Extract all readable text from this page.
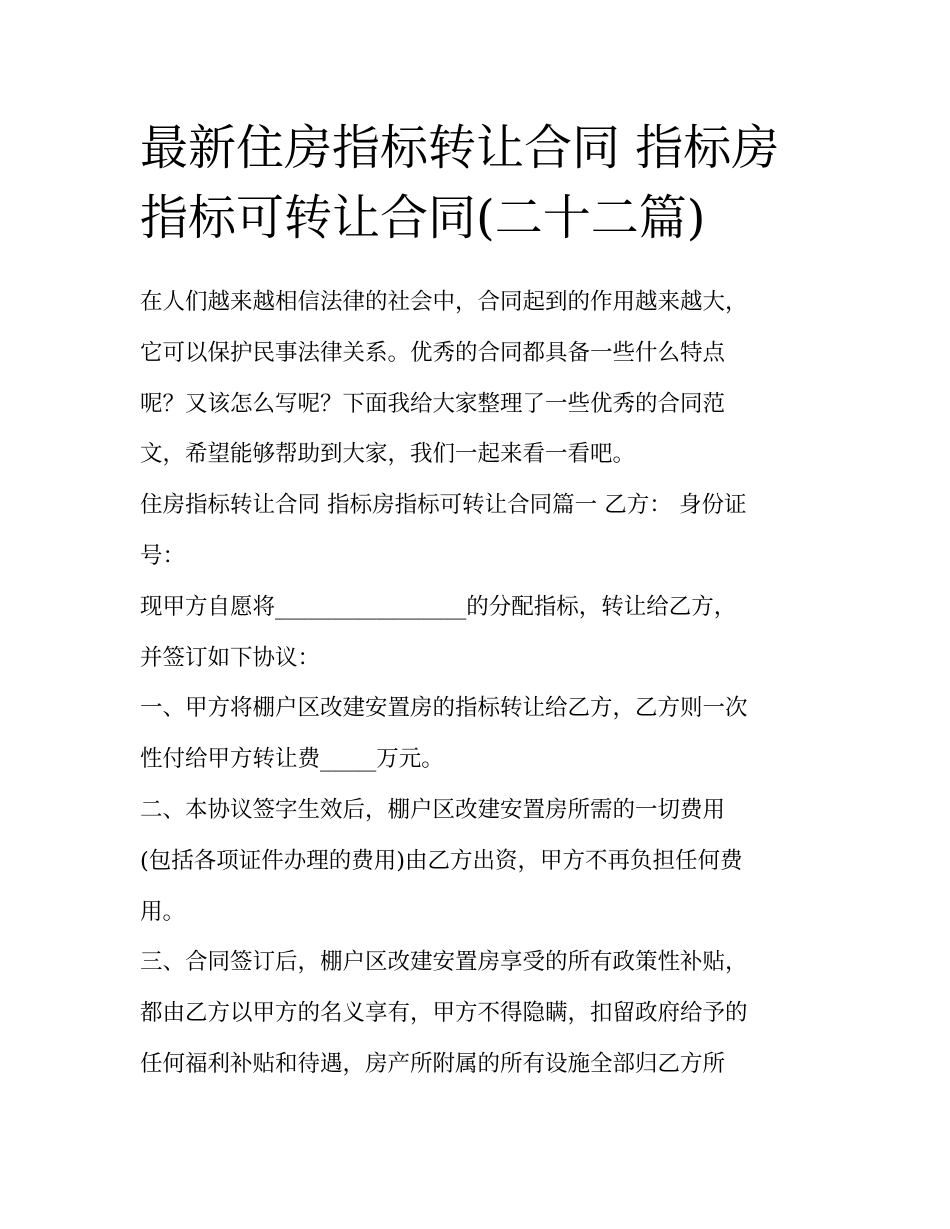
最新住房指标转让合同 指标房
指标可转让合同(二十二篇)
在人们越来越相信法律的社会中，合同起到的作用越来越大，
它可以保护民事法律关系。优秀的合同都具备一些什么特点
呢？又该怎么写呢？下面我给大家整理了一些优秀的合同范
文，希望能够帮助到大家，我们一起来看一看吧。
住房指标转让合同 指标房指标可转让合同篇一 乙方： 身份证
号：
现甲方自愿将_________________的分配指标，转让给乙方，
并签订如下协议：
一、甲方将棚户区改建安置房的指标转让给乙方，乙方则一次
性付给甲方转让费_____万元。
二、本协议签字生效后，棚户区改建安置房所需的一切费用
(包括各项证件办理的费用)由乙方出资，甲方不再负担任何费
用。
三、合同签订后，棚户区改建安置房享受的所有政策性补贴，
都由乙方以甲方的名义享有，甲方不得隐瞒，扣留政府给予的
任何福利补贴和待遇，房产所附属的所有设施全部归乙方所
